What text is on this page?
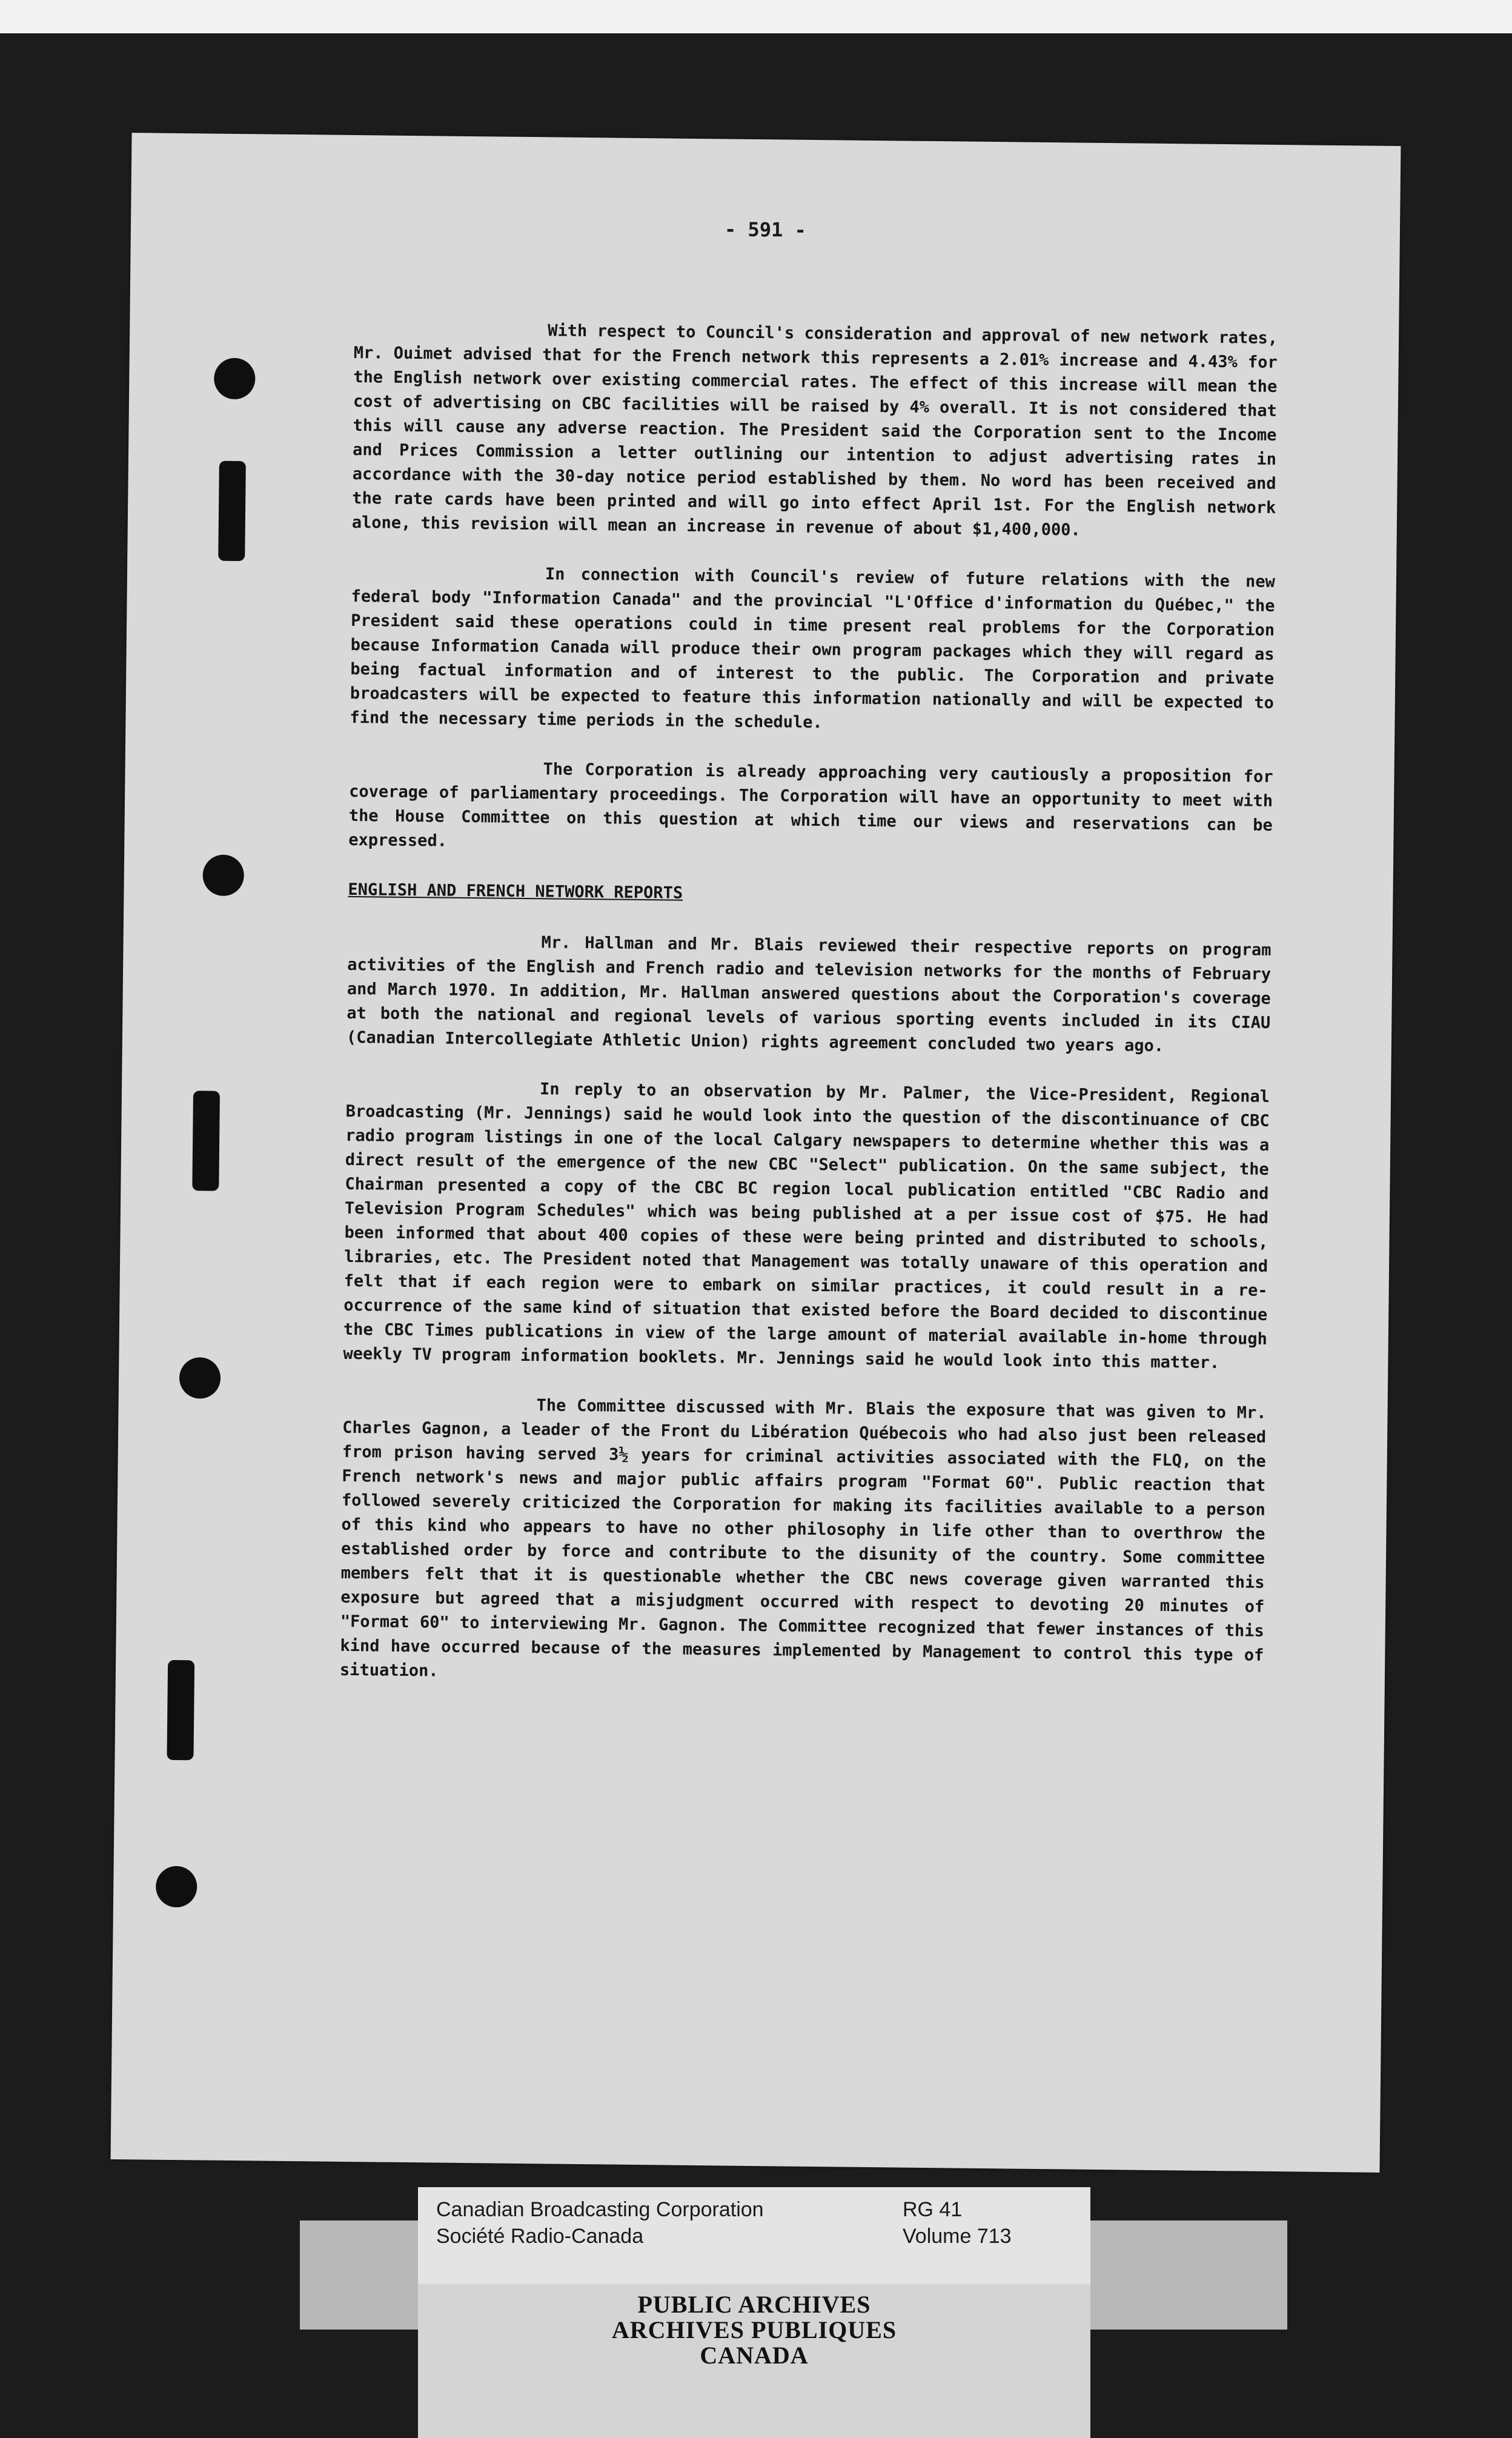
- 591 -

With respect to Council's consideration and approval of new network rates, Mr. Ouimet advised that for the French network this represents a 2.01% increase and 4.43% for the English network over existing commercial rates. The effect of this increase will mean the cost of advertising on CBC facilities will be raised by 4% overall. It is not considered that this will cause any adverse reaction. The President said the Corporation sent to the Income and Prices Commission a letter outlining our intention to adjust advertising rates in accordance with the 30-day notice period established by them. No word has been received and the rate cards have been printed and will go into effect April 1st. For the English network alone, this revision will mean an increase in revenue of about $1,400,000.

In connection with Council's review of future relations with the new federal body "Information Canada" and the provincial "L'Office d'information du Québec," the President said these operations could in time present real problems for the Corporation because Information Canada will produce their own program packages which they will regard as being factual information and of interest to the public. The Corporation and private broadcasters will be expected to feature this information nationally and will be expected to find the necessary time periods in the schedule.

The Corporation is already approaching very cautiously a proposition for coverage of parliamentary proceedings. The Corporation will have an opportunity to meet with the House Committee on this question at which time our views and reservations can be expressed.

ENGLISH AND FRENCH NETWORK REPORTS

Mr. Hallman and Mr. Blais reviewed their respective reports on program activities of the English and French radio and television networks for the months of February and March 1970. In addition, Mr. Hallman answered questions about the Corporation's coverage at both the national and regional levels of various sporting events included in its CIAU (Canadian Intercollegiate Athletic Union) rights agreement concluded two years ago.

In reply to an observation by Mr. Palmer, the Vice-President, Regional Broadcasting (Mr. Jennings) said he would look into the question of the discontinuance of CBC radio program listings in one of the local Calgary newspapers to determine whether this was a direct result of the emergence of the new CBC "Select" publication. On the same subject, the Chairman presented a copy of the CBC BC region local publication entitled "CBC Radio and Television Program Schedules" which was being published at a per issue cost of $75. He had been informed that about 400 copies of these were being printed and distributed to schools, libraries, etc. The President noted that Management was totally unaware of this operation and felt that if each region were to embark on similar practices, it could result in a re-occurrence of the same kind of situation that existed before the Board decided to discontinue the CBC Times publications in view of the large amount of material available in-home through weekly TV program information booklets. Mr. Jennings said he would look into this matter.

The Committee discussed with Mr. Blais the exposure that was given to Mr. Charles Gagnon, a leader of the Front du Libération Québecois who had also just been released from prison having served 3½ years for criminal activities associated with the FLQ, on the French network's news and major public affairs program "Format 60". Public reaction that followed severely criticized the Corporation for making its facilities available to a person of this kind who appears to have no other philosophy in life other than to overthrow the established order by force and contribute to the disunity of the country. Some committee members felt that it is questionable whether the CBC news coverage given warranted this exposure but agreed that a misjudgment occurred with respect to devoting 20 minutes of "Format 60" to interviewing Mr. Gagnon. The Committee recognized that fewer instances of this kind have occurred because of the measures implemented by Management to control this type of situation.

Canadian Broadcasting Corporation
Société Radio-Canada
RG 41
Volume 713
PUBLIC ARCHIVES
ARCHIVES PUBLIQUES
CANADA
